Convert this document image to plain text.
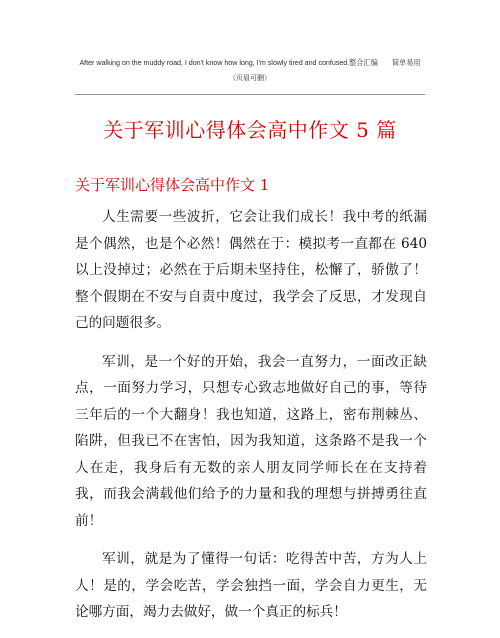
After walking on the muddy road, I don't know how long, I'm slowly tired and confused.整合汇编　　简单易用
（页眉可删）
关于军训心得体会高中作文 5 篇
关于军训心得体会高中作文 1

人生需要一些波折，它会让我们成长！我中考的纸漏是个偶然，也是个必然！偶然在于：模拟考一直都在 640 以上没掉过；必然在于后期未坚持住，松懈了，骄傲了！整个假期在不安与自责中度过，我学会了反思，才发现自己的问题很多。

军训，是一个好的开始，我会一直努力，一面改正缺点，一面努力学习，只想专心致志地做好自己的事，等待三年后的一个大翻身！我也知道，这路上，密布荆棘丛、陷阱，但我已不在害怕，因为我知道，这条路不是我一个人在走，我身后有无数的亲人朋友同学师长在在支持着我，而我会满载他们给予的力量和我的理想与拼搏勇往直前！

军训，就是为了懂得一句话：吃得苦中苦，方为人上人！是的，学会吃苦，学会独挡一面，学会自力更生，无论哪方面，竭力去做好，做一个真正的标兵！
